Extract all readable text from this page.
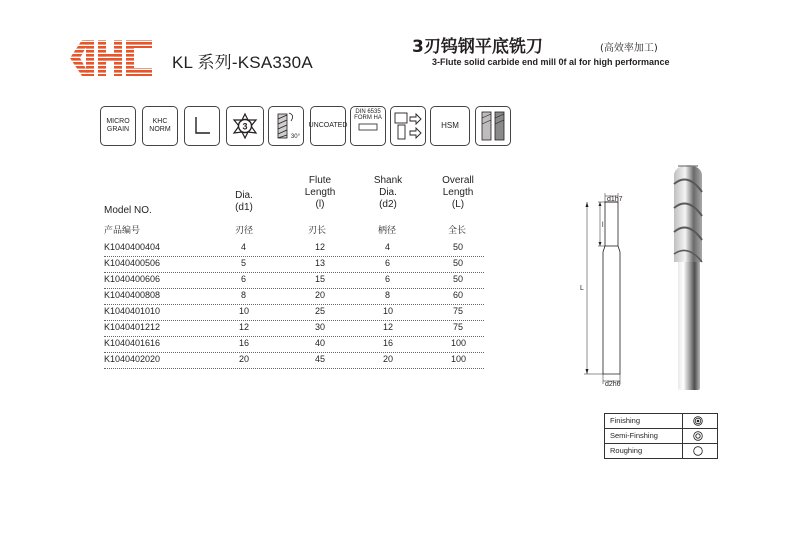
KL 系列-KSA330A
3刃钨钢平底铣刀	(高效率加工)
3-Flute solid carbide end mill 0f al for high performance
MICRO
GRAIN
KHC
NORM	3
30°
UNCOATED
DIN 6535
FORM HA
HSM
Model NO.
Dia.
(d1)
Flute
Length
(l)
Shank
Dia.
(d2)
Overall
Length
(L)
产品编号	刃径	刃长	柄径	全长
K1040400404	4	12	4	50
K1040400506	5	13	6	50
K1040400606	6	15	6	50
K1040400808	8	20	8	60
K1040401010	10	25	10	75
K1040401212	12	30	12	75
K1040401616	16	40	16	100
K1040402020	20	45	20	100
d1h7
l
L
d2h6
Finishing
Semi-Finshing
Roughing
